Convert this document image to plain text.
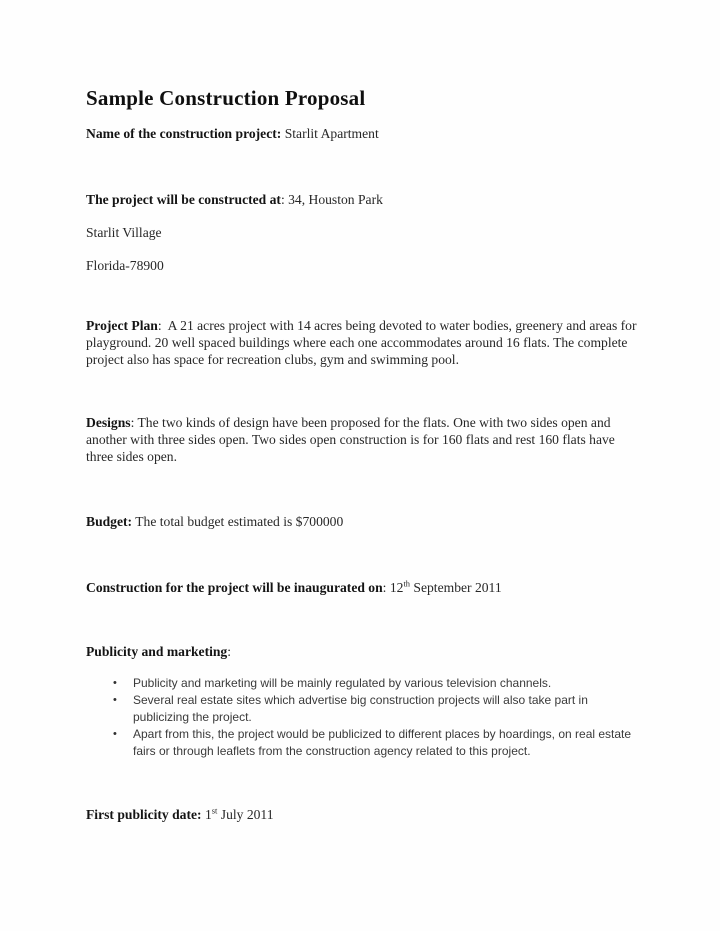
Sample Construction Proposal

Name of the construction project: Starlit Apartment

The project will be constructed at: 34, Houston Park

Starlit Village

Florida-78900

Project Plan:  A 21 acres project with 14 acres being devoted to water bodies, greenery and areas for playground. 20 well spaced buildings where each one accommodates around 16 flats. The complete project also has space for recreation clubs, gym and swimming pool.

Designs: The two kinds of design have been proposed for the flats. One with two sides open and another with three sides open. Two sides open construction is for 160 flats and rest 160 flats have three sides open.

Budget: The total budget estimated is $700000

Construction for the project will be inaugurated on: 12th September 2011

Publicity and marketing:

• Publicity and marketing will be mainly regulated by various television channels.
• Several real estate sites which advertise big construction projects will also take part in publicizing the project.
• Apart from this, the project would be publicized to different places by hoardings, on real estate fairs or through leaflets from the construction agency related to this project.

First publicity date: 1st July 2011
